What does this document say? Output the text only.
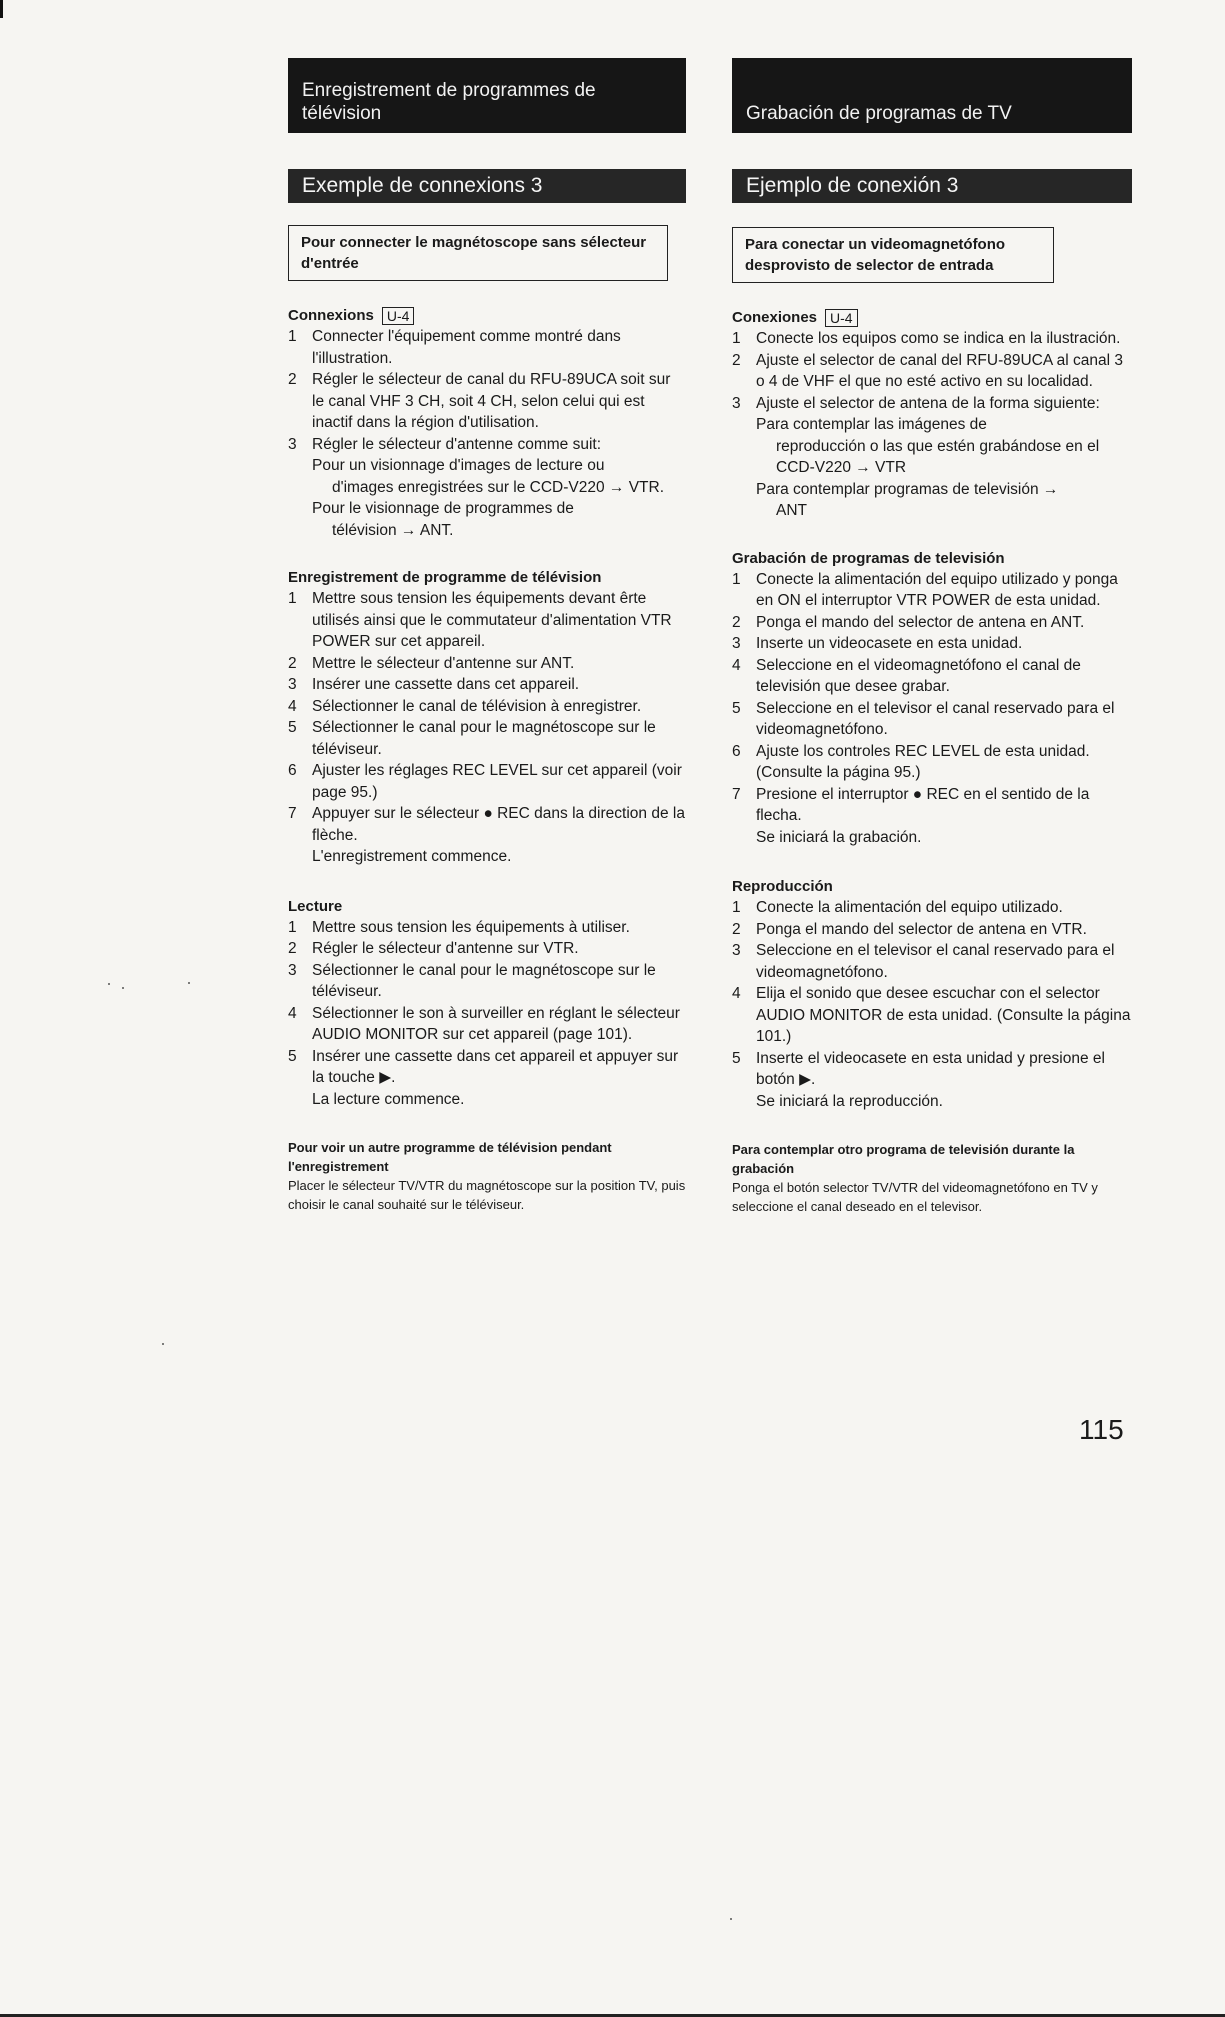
Enregistrement de programmes de télévision
Exemple de connexions 3
Pour connecter le magnétoscope sans sélecteur d'entrée
Connexions U-4
1 Connecter l'équipement comme montré dans l'illustration.
2 Régler le sélecteur de canal du RFU-89UCA soit sur le canal VHF 3 CH, soit 4 CH, selon celui qui est inactif dans la région d'utilisation.
3 Régler le sélecteur d'antenne comme suit:
Pour un visionnage d'images de lecture ou
d'images enregistrées sur le CCD-V220 → VTR.
Pour le visionnage de programmes de
télévision → ANT.
Enregistrement de programme de télévision
1 Mettre sous tension les équipements devant êrte utilisés ainsi que le commutateur d'alimentation VTR POWER sur cet appareil.
2 Mettre le sélecteur d'antenne sur ANT.
3 Insérer une cassette dans cet appareil.
4 Sélectionner le canal de télévision à enregistrer.
5 Sélectionner le canal pour le magnétoscope sur le téléviseur.
6 Ajuster les réglages REC LEVEL sur cet appareil (voir page 95.)
7 Appuyer sur le sélecteur ● REC dans la direction de la flèche.
L'enregistrement commence.
Lecture
1 Mettre sous tension les équipements à utiliser.
2 Régler le sélecteur d'antenne sur VTR.
3 Sélectionner le canal pour le magnétoscope sur le téléviseur.
4 Sélectionner le son à surveiller en réglant le sélecteur AUDIO MONITOR sur cet appareil (page 101).
5 Insérer une cassette dans cet appareil et appuyer sur la touche ▶.
La lecture commence.
Pour voir un autre programme de télévision pendant l'enregistrement
Placer le sélecteur TV/VTR du magnétoscope sur la position TV, puis choisir le canal souhaité sur le téléviseur.
Grabación de programas de TV
Ejemplo de conexión 3
Para conectar un videomagnetófono desprovisto de selector de entrada
Conexiones U-4
1 Conecte los equipos como se indica en la ilustración.
2 Ajuste el selector de canal del RFU-89UCA al canal 3 o 4 de VHF el que no esté activo en su localidad.
3 Ajuste el selector de antena de la forma siguiente:
Para contemplar las imágenes de
reproducción o las que estén grabándose en el CCD-V220 → VTR
Para contemplar programas de televisión →
ANT
Grabación de programas de televisión
1 Conecte la alimentación del equipo utilizado y ponga en ON el interruptor VTR POWER de esta unidad.
2 Ponga el mando del selector de antena en ANT.
3 Inserte un videocasete en esta unidad.
4 Seleccione en el videomagnetófono el canal de televisión que desee grabar.
5 Seleccione en el televisor el canal reservado para el videomagnetófono.
6 Ajuste los controles REC LEVEL de esta unidad. (Consulte la página 95.)
7 Presione el interruptor ● REC en el sentido de la flecha.
Se iniciará la grabación.
Reproducción
1 Conecte la alimentación del equipo utilizado.
2 Ponga el mando del selector de antena en VTR.
3 Seleccione en el televisor el canal reservado para el videomagnetófono.
4 Elija el sonido que desee escuchar con el selector AUDIO MONITOR de esta unidad. (Consulte la página 101.)
5 Inserte el videocasete en esta unidad y presione el botón ▶.
Se iniciará la reproducción.
Para contemplar otro programa de televisión durante la grabación
Ponga el botón selector TV/VTR del videomagnetófono en TV y seleccione el canal deseado en el televisor.
115
